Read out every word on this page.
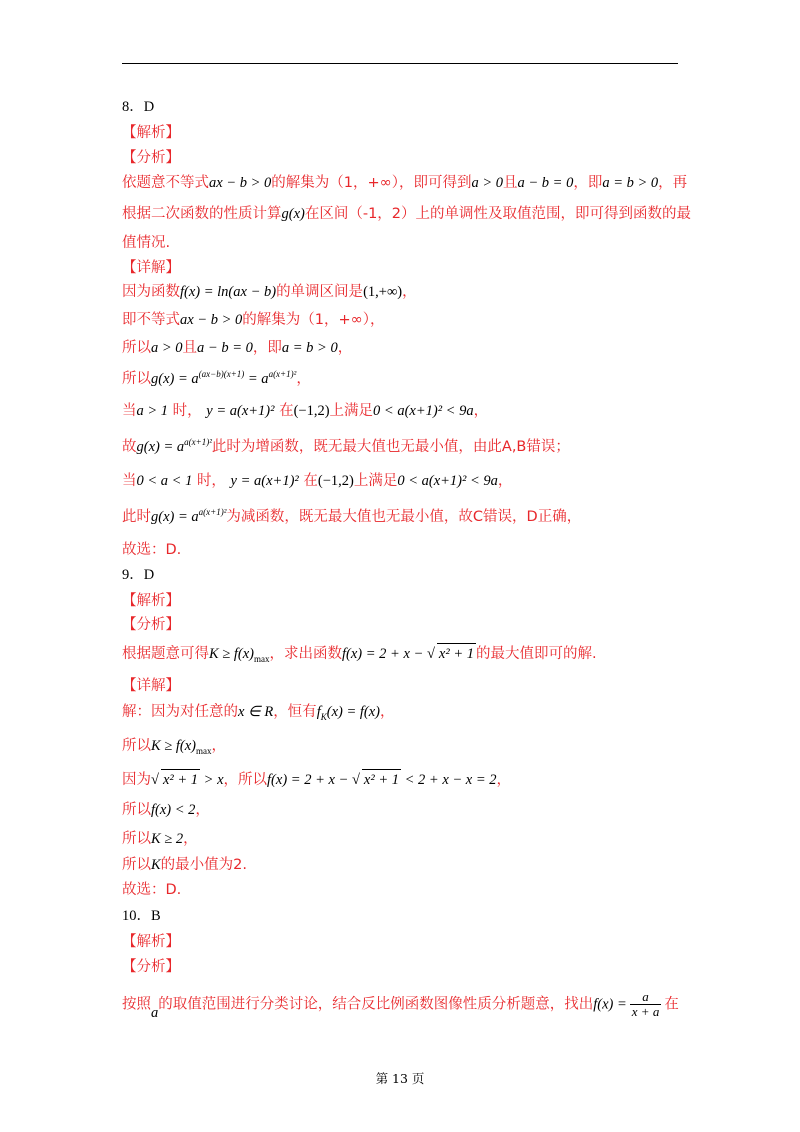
8．D
【解析】
【分析】
依题意不等式ax − b > 0的解集为（1，+∞），即可得到a > 0且a − b = 0，即a = b > 0，再
根据二次函数的性质计算g(x)在区间（-1，2）上的单调性及取值范围，即可得到函数的最
值情况.
【详解】
因为函数f(x) = ln(ax − b)的单调区间是(1,+∞)，
即不等式ax − b > 0的解集为（1，+∞），
所以a > 0且a − b = 0，即a = b > 0，
所以$g(x) = a^{(ax-b)(x+1)} = a^{a(x+1)^2}$，
当a > 1 时， y = a(x+1)² 在(−1,2)上满足0 < a(x+1)² < 9a，
故$g(x) = a^{a(x+1)^2}$此时为增函数，既无最大值也无最小值，由此A,B错误；
当0 < a < 1 时， y = a(x+1)² 在(−1,2)上满足0 < a(x+1)² < 9a，
此时$g(x) = a^{a(x+1)^2}$为减函数，既无最大值也无最小值，故C错误，D正确，
故选：D.
9．D
【解析】
【分析】
根据题意可得$K \ge f(x)_{max}$，求出函数f(x) = 2 + x − √ x² + 1 的最大值即可的解.
【详解】
解：因为对任意的x ∈ R，恒有$f_K(x) = f(x)$，
所以$K \ge f(x)_{max}$，
因为√ x² + 1 > x，所以f(x) = 2 + x − √ x² + 1 < 2 + x − x = 2，
所以f(x) < 2，
所以K ≥ 2，
所以K的最小值为2.
故选：D.
10．B
【解析】
【分析】
按照a的取值范围进行分类讨论，结合反比例函数图像性质分析题意，找出$f(x) = \frac{a}{x + a}$ 在
第 13 页
